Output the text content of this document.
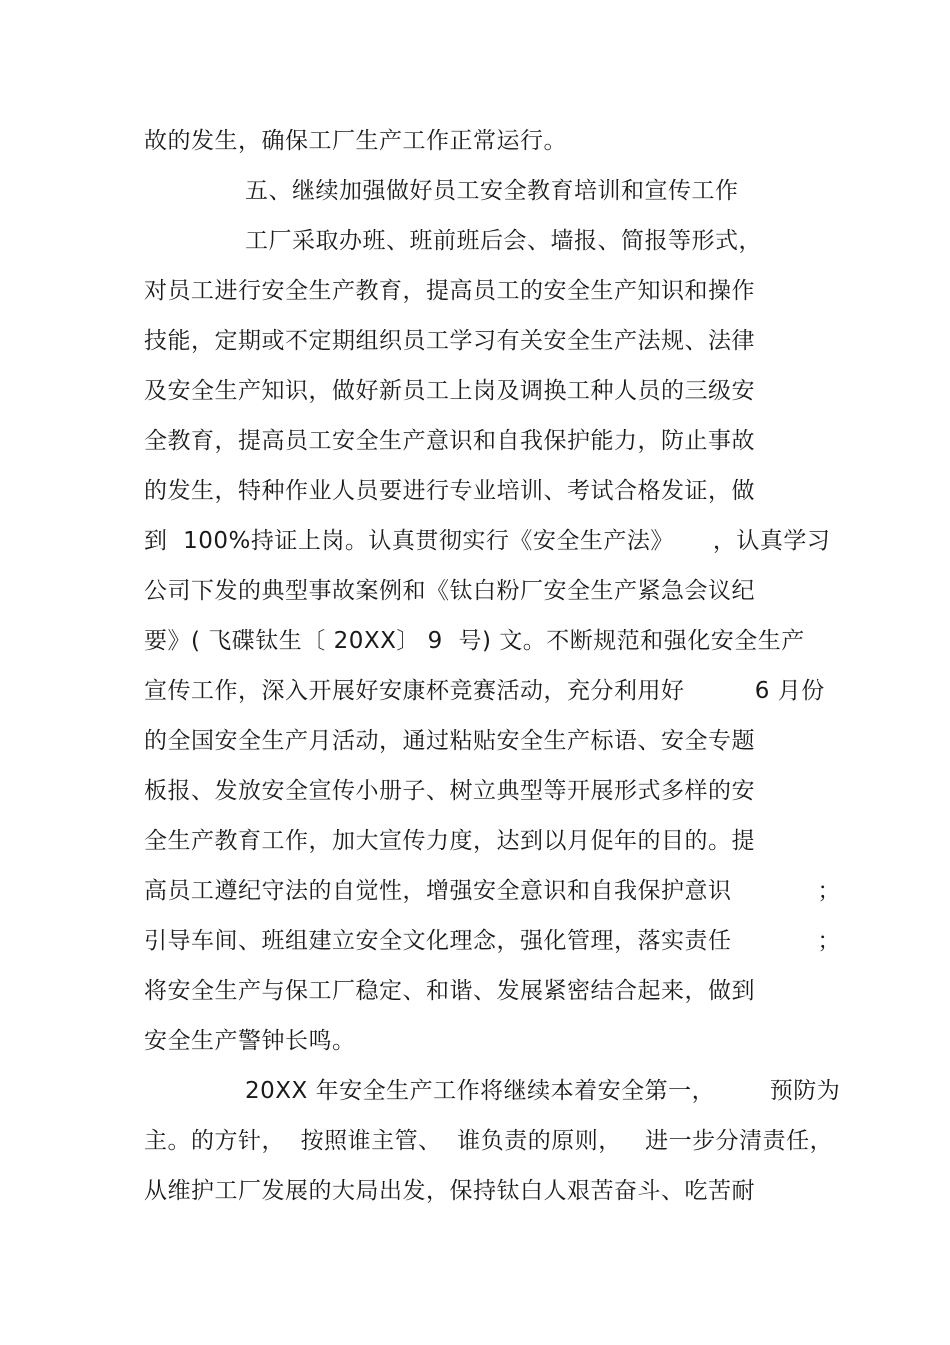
故的发生，确保工厂生产工作正常运行。
五、继续加强做好员工安全教育培训和宣传工作
工厂采取办班、班前班后会、墙报、简报等形式，
对员工进行安全生产教育，提高员工的安全生产知识和操作
技能，定期或不定期组织员工学习有关安全生产法规、法律
及安全生产知识，做好新员工上岗及调换工种人员的三级安
全教育，提高员工安全生产意识和自我保护能力，防止事故
的发生，特种作业人员要进行专业培训、考试合格发证，做
到  100%持证上岗。认真贯彻实行《安全生产法》     ，认真学习
公司下发的典型事故案例和《钛白粉厂安全生产紧急会议纪
要》( 飞碟钛生〔 20XX〕 9  号) 文。不断规范和强化安全生产
宣传工作，深入开展好安康杯竞赛活动，充分利用好         6 月份
的全国安全生产月活动，通过粘贴安全生产标语、安全专题
板报、发放安全宣传小册子、树立典型等开展形式多样的安
全生产教育工作，加大宣传力度，达到以月促年的目的。提
高员工遵纪守法的自觉性，增强安全意识和自我保护意识           ；
引导车间、班组建立安全文化理念，强化管理，落实责任           ；
将安全生产与保工厂稳定、和谐、发展紧密结合起来，做到
安全生产警钟长鸣。
20XX 年安全生产工作将继续本着安全第一，       预防为
主。的方针，  按照谁主管、  谁负责的原则，   进一步分清责任，
从维护工厂发展的大局出发，保持钛白人艰苦奋斗、吃苦耐
